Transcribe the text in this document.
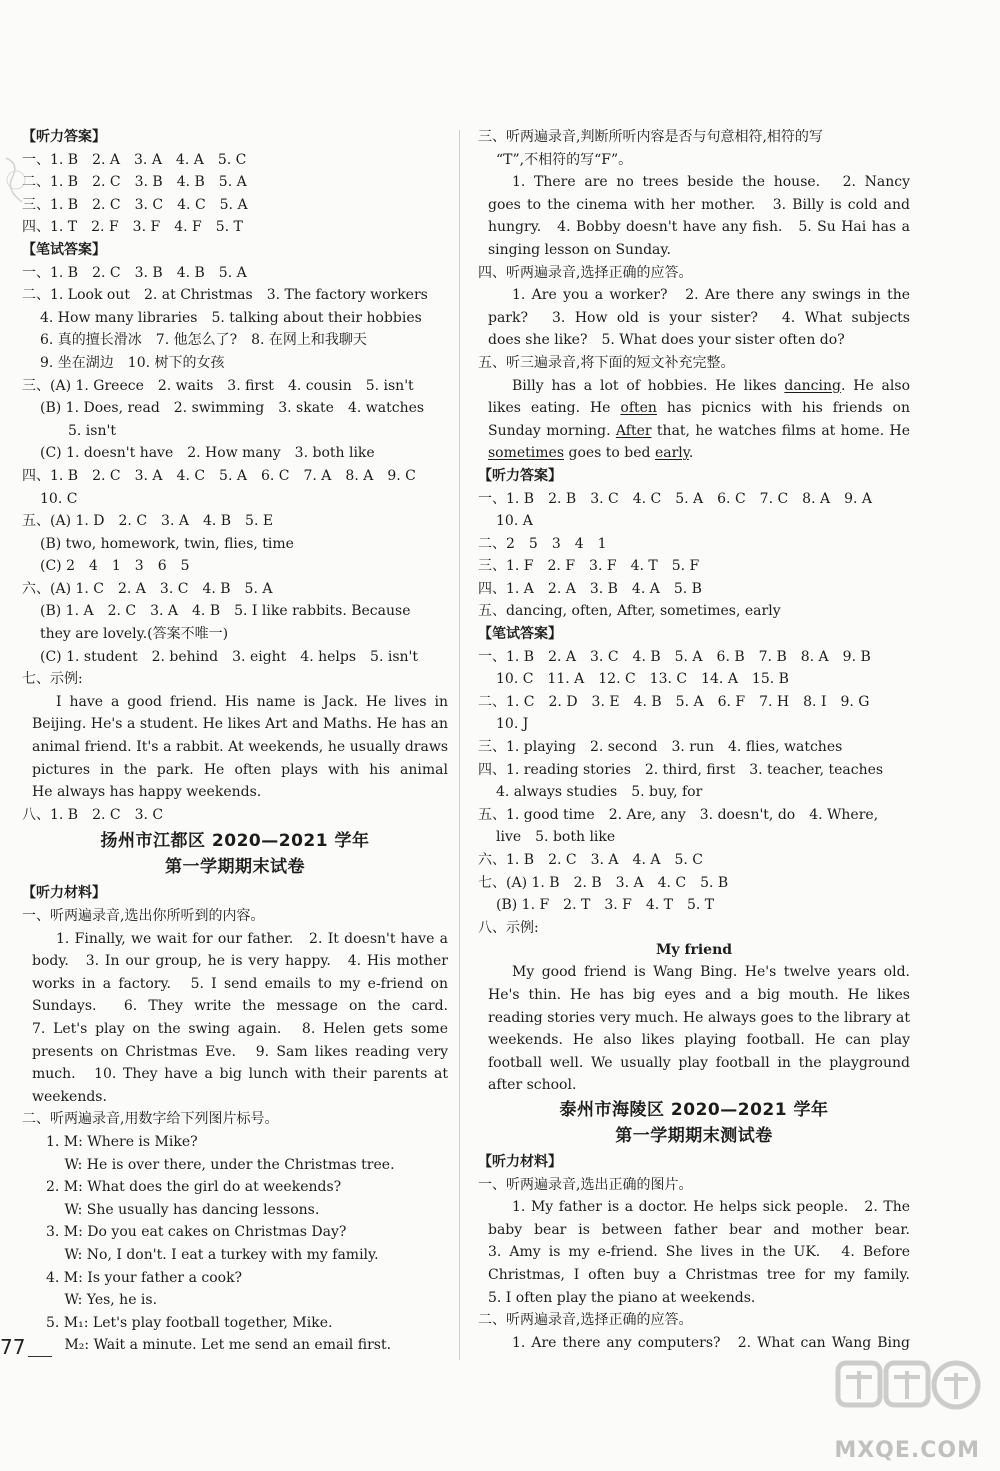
【听力答案】
一、1. B　2. A　3. A　4. A　5. C
二、1. B　2. C　3. B　4. B　5. A
三、1. B　2. C　3. C　4. C　5. A
四、1. T　2. F　3. F　4. F　5. T
【笔试答案】
一、1. B　2. C　3. B　4. B　5. A
二、1. Look out　2. at Christmas　3. The factory workers
4. How many libraries　5. talking about their hobbies
6. 真的擅长滑冰　7. 他怎么了?　8. 在网上和我聊天
9. 坐在湖边　10. 树下的女孩
三、(A) 1. Greece　2. waits　3. first　4. cousin　5. isn't
(B) 1. Does, read　2. swimming　3. skate　4. watches
　　5. isn't
(C) 1. doesn't have　2. How many　3. both like
四、1. B　2. C　3. A　4. C　5. A　6. C　7. A　8. A　9. C
10. C
五、(A) 1. D　2. C　3. A　4. B　5. E
(B) two, homework, twin, flies, time
(C) 2　4　1　3　6　5
六、(A) 1. C　2. A　3. C　4. B　5. A
(B) 1. A　2. C　3. A　4. B　5. I like rabbits. Because
they are lovely.(答案不唯一)
(C) 1. student　2. behind　3. eight　4. helps　5. isn't
七、示例:
I have a good friend. His name is Jack. He lives in
Beijing. He's a student. He likes Art and Maths. He has an
animal friend. It's a rabbit. At weekends, he usually draws
pictures in the park. He often plays with his animal
He always has happy weekends.
八、1. B　2. C　3. C
扬州市江都区 2020—2021 学年
第一学期期末试卷
【听力材料】
一、听两遍录音,选出你所听到的内容。
1. Finally, we wait for our father.　2. It doesn't have a
body.　3. In our group, he is very happy.　4. His mother
works in a factory.　5. I send emails to my e-friend on
Sundays.　6. They write the message on the card.
7. Let's play on the swing again.　8. Helen gets some
presents on Christmas Eve.　9. Sam likes reading very
much.　10. They have a big lunch with their parents at
weekends.
二、听两遍录音,用数字给下列图片标号。
1. M: Where is Mike?
　 W: He is over there, under the Christmas tree.
2. M: What does the girl do at weekends?
　 W: She usually has dancing lessons.
3. M: Do you eat cakes on Christmas Day?
　 W: No, I don't. I eat a turkey with my family.
4. M: Is your father a cook?
　 W: Yes, he is.
5. M₁: Let's play football together, Mike.
　 M₂: Wait a minute. Let me send an email first.
三、听两遍录音,判断所听内容是否与句意相符,相符的写
“T”,不相符的写“F”。
1. There are no trees beside the house.　2. Nancy
goes to the cinema with her mother.　3. Billy is cold and
hungry.　4. Bobby doesn't have any fish.　5. Su Hai has a
singing lesson on Sunday.
四、听两遍录音,选择正确的应答。
1. Are you a worker?　2. Are there any swings in the
park?　3. How old is your sister?　4. What subjects
does she like?　5. What does your sister often do?
五、听三遍录音,将下面的短文补充完整。
Billy has a lot of hobbies. He likes dancing. He also
likes eating. He often has picnics with his friends on
Sunday morning. After that, he watches films at home. He
sometimes goes to bed early.
【听力答案】
一、1. B　2. B　3. C　4. C　5. A　6. C　7. C　8. A　9. A
10. A
二、2　5　3　4　1
三、1. F　2. F　3. F　4. T　5. F
四、1. A　2. A　3. B　4. A　5. B
五、dancing, often, After, sometimes, early
【笔试答案】
一、1. B　2. A　3. C　4. B　5. A　6. B　7. B　8. A　9. B
10. C　11. A　12. C　13. C　14. A　15. B
二、1. C　2. D　3. E　4. B　5. A　6. F　7. H　8. I　9. G
10. J
三、1. playing　2. second　3. run　4. flies, watches
四、1. reading stories　2. third, first　3. teacher, teaches
4. always studies　5. buy, for
五、1. good time　2. Are, any　3. doesn't, do　4. Where,
live　5. both like
六、1. B　2. C　3. A　4. A　5. C
七、(A) 1. B　2. B　3. A　4. C　5. B
(B) 1. F　2. T　3. F　4. T　5. T
八、示例:
My friend
My good friend is Wang Bing. He's twelve years old.
He's thin. He has big eyes and a big mouth. He likes
reading stories very much. He always goes to the library at
weekends. He also likes playing football. He can play
football well. We usually play football in the playground
after school.
泰州市海陵区 2020—2021 学年
第一学期期末测试卷
【听力材料】
一、听两遍录音,选出正确的图片。
1. My father is a doctor. He helps sick people.　2. The
baby bear is between father bear and mother bear.
3. Amy is my e-friend. She lives in the UK.　4. Before
Christmas, I often buy a Christmas tree for my family.
5. I often play the piano at weekends.
二、听两遍录音,选择正确的应答。
1. Are there any computers?　2. What can Wang Bing
77
MXQE.COM
